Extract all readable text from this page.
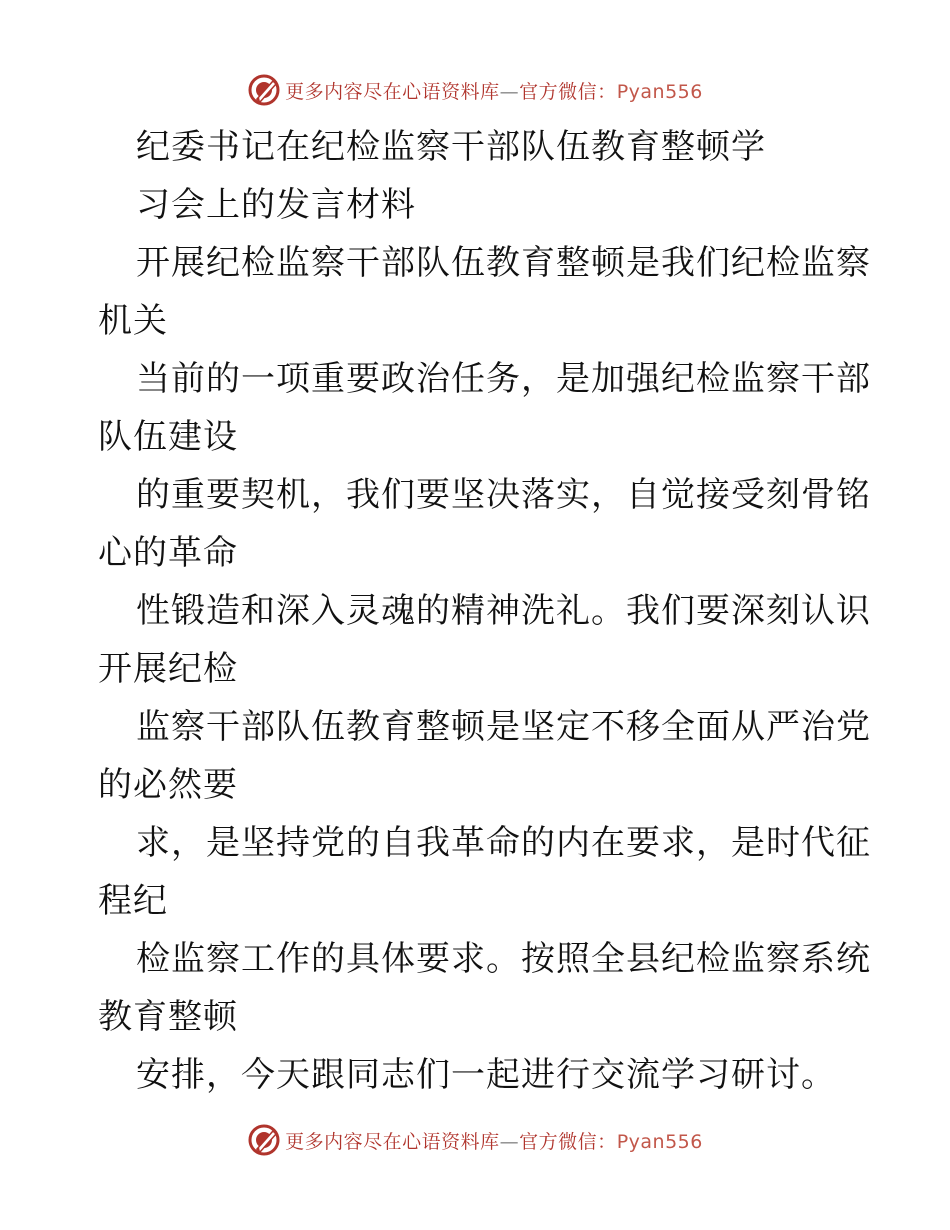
更多内容尽在心语资料库—官方微信：Pyan556
纪委书记在纪检监察干部队伍教育整顿学
习会上的发言材料
开展纪检监察干部队伍教育整顿是我们纪检监察
机关
当前的一项重要政治任务，是加强纪检监察干部
队伍建设
的重要契机，我们要坚决落实，自觉接受刻骨铭
心的革命
性锻造和深入灵魂的精神洗礼。我们要深刻认识
开展纪检
监察干部队伍教育整顿是坚定不移全面从严治党
的必然要
求，是坚持党的自我革命的内在要求，是时代征
程纪
检监察工作的具体要求。按照全县纪检监察系统
教育整顿
安排，今天跟同志们一起进行交流学习研讨。
更多内容尽在心语资料库—官方微信：Pyan556
